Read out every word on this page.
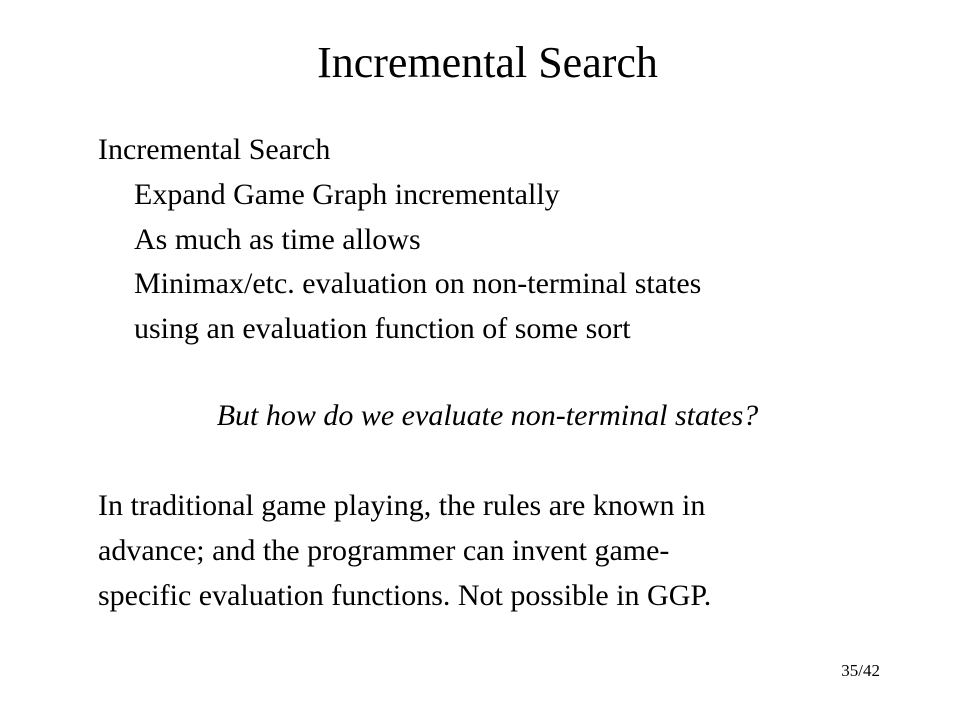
Incremental Search
Incremental Search
Expand Game Graph incrementally
As much as time allows
Minimax/etc. evaluation on non-terminal states
using an evaluation function of some sort
But how do we evaluate non-terminal states?
In traditional game playing, the rules are known in
advance; and the programmer can invent game-
specific evaluation functions. Not possible in GGP.
35/42
